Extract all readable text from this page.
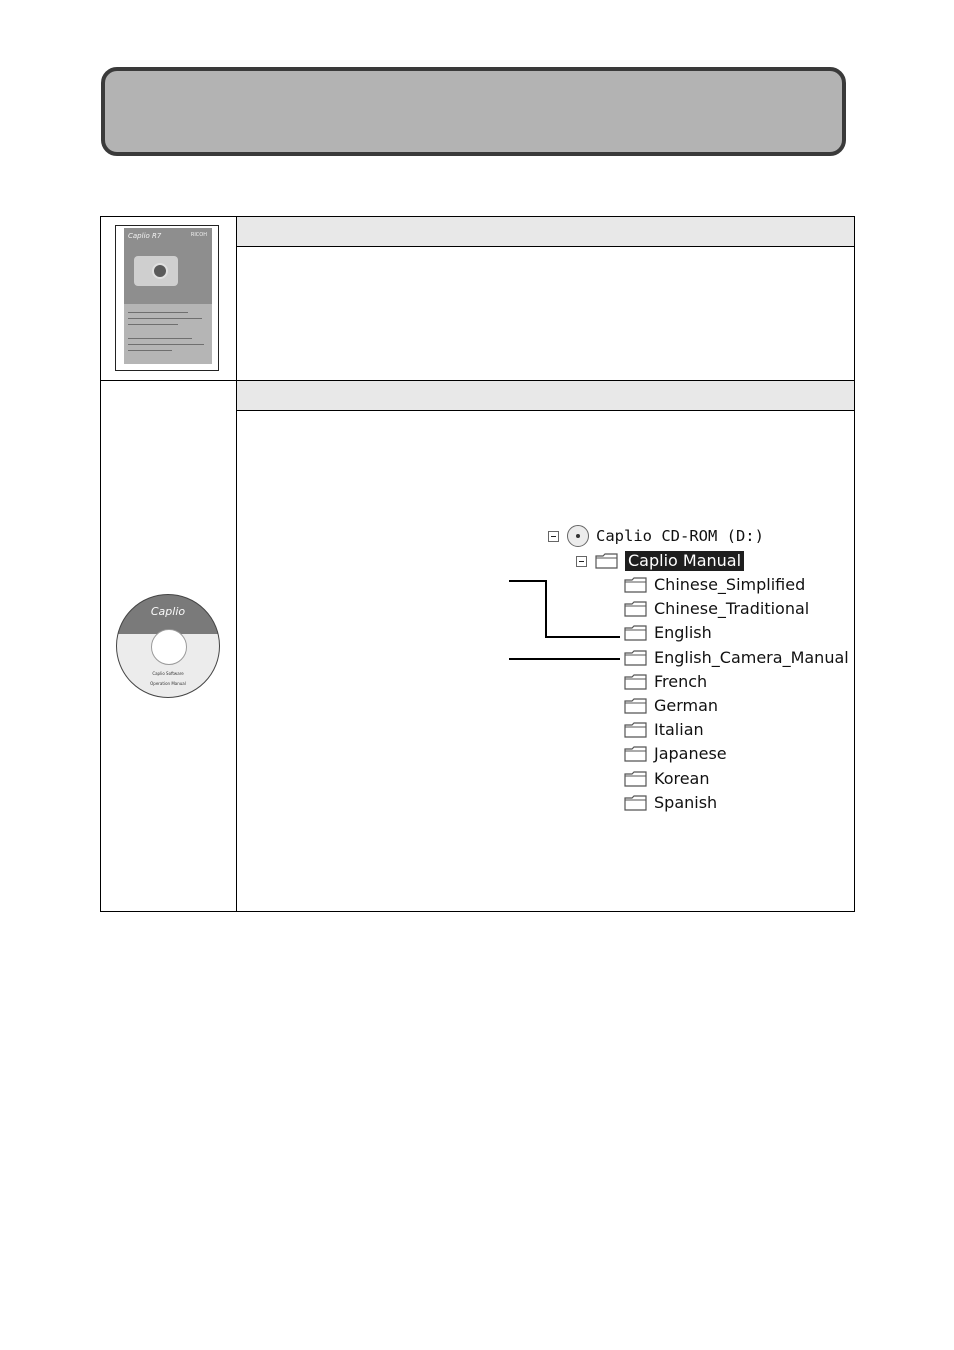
Caplio R7	RICOH
Caplio
Caplio Software
Operation Manual
Caplio CD-ROM (D:)
Caplio Manual
Chinese_Simplified
Chinese_Traditional
English
English_Camera_Manual
French
German
Italian
Japanese
Korean
Spanish
